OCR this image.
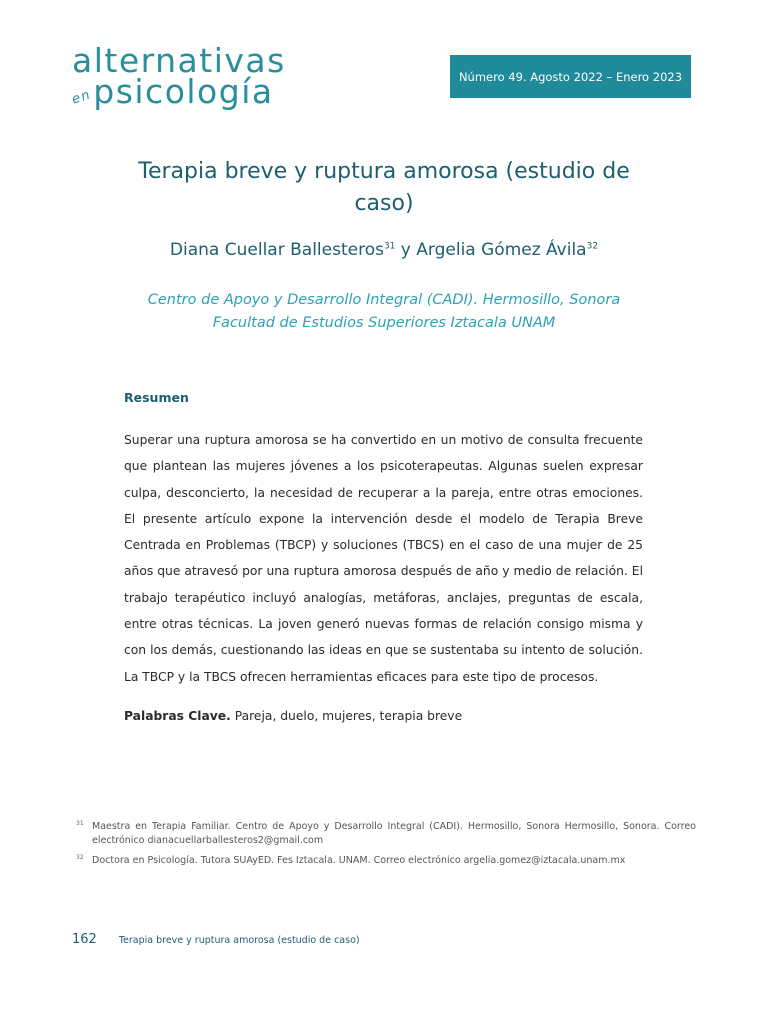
alternativas
en psicología	Número 49. Agosto 2022 – Enero 2023
Terapia breve y ruptura amorosa (estudio de caso)
Diana Cuellar Ballesteros$^{31}$ y Argelia Gómez Ávila$^{32}$
Centro de Apoyo y Desarrollo Integral (CADI). Hermosillo, Sonora
Facultad de Estudios Superiores Iztacala UNAM
Resumen

Superar una ruptura amorosa se ha convertido en un motivo de consulta frecuente que plantean las mujeres jóvenes a los psicoterapeutas. Algunas suelen expresar culpa, desconcierto, la necesidad de recuperar a la pareja, entre otras emociones. El presente artículo expone la intervención desde el modelo de Terapia Breve Centrada en Problemas (TBCP) y soluciones (TBCS) en el caso de una mujer de 25 años que atravesó por una ruptura amorosa después de año y medio de relación. El trabajo terapéutico incluyó analogías, metáforas, anclajes, preguntas de escala, entre otras técnicas. La joven generó nuevas formas de relación consigo misma y con los demás, cuestionando las ideas en que se sustentaba su intento de solución. La TBCP y la TBCS ofrecen herramientas eficaces para este tipo de procesos.

Palabras Clave. Pareja, duelo, mujeres, terapia breve
31 Maestra en Terapia Familiar. Centro de Apoyo y Desarrollo Integral (CADI). Hermosillo, Sonora Hermosillo, Sonora. Correo electrónico dianacuellarballesteros2@gmail.com
32 Doctora en Psicología. Tutora SUAyED. Fes Iztacala. UNAM. Correo electrónico argelia.gomez@iztacala.unam.mx
162 Terapia breve y ruptura amorosa (estudio de caso)
